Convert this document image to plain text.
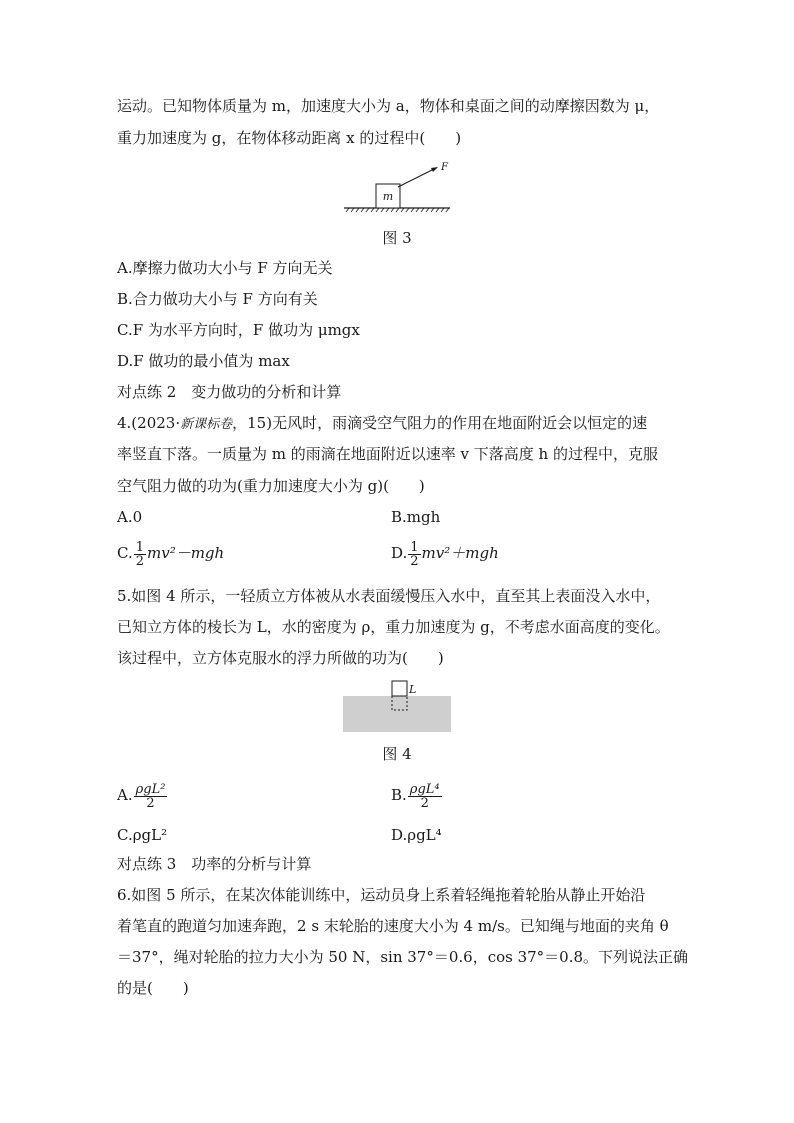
运动。已知物体质量为 m，加速度大小为 a，物体和桌面之间的动摩擦因数为 μ，
重力加速度为 g，在物体移动距离 x 的过程中(　　)
m
F
图 3
A.摩擦力做功大小与 F 方向无关
B.合力做功大小与 F 方向有关
C.F 为水平方向时，F 做功为 μmgx
D.F 做功的最小值为 max
对点练 2　变力做功的分析和计算
4.(2023·新课标卷，15)无风时，雨滴受空气阻力的作用在地面附近会以恒定的速
率竖直下落。一质量为 m 的雨滴在地面附近以速率 v 下落高度 h 的过程中，克服
空气阻力做的功为(重力加速度大小为 g)(　　)
A.0	B.mgh
C. $\frac{1}{2} mv^2-mgh$	D. $\frac{1}{2} mv^2+mgh$
5.如图 4 所示，一轻质立方体被从水表面缓慢压入水中，直至其上表面没入水中，
已知立方体的棱长为 L，水的密度为 ρ，重力加速度为 g，不考虑水面高度的变化。
该过程中，立方体克服水的浮力所做的功为(　　)
L
图 4
A. $\frac{\text{ρgL²}}{2}$	B. $\frac{\text{ρgL⁴}}{2}$
C.ρgL²	D.ρgL⁴
对点练 3　功率的分析与计算
6.如图 5 所示，在某次体能训练中，运动员身上系着轻绳拖着轮胎从静止开始沿
着笔直的跑道匀加速奔跑，2 s 末轮胎的速度大小为 4 m/s。已知绳与地面的夹角 θ
＝37°，绳对轮胎的拉力大小为 50 N，sin 37°＝0.6，cos 37°＝0.8。下列说法正确
的是(　　)
